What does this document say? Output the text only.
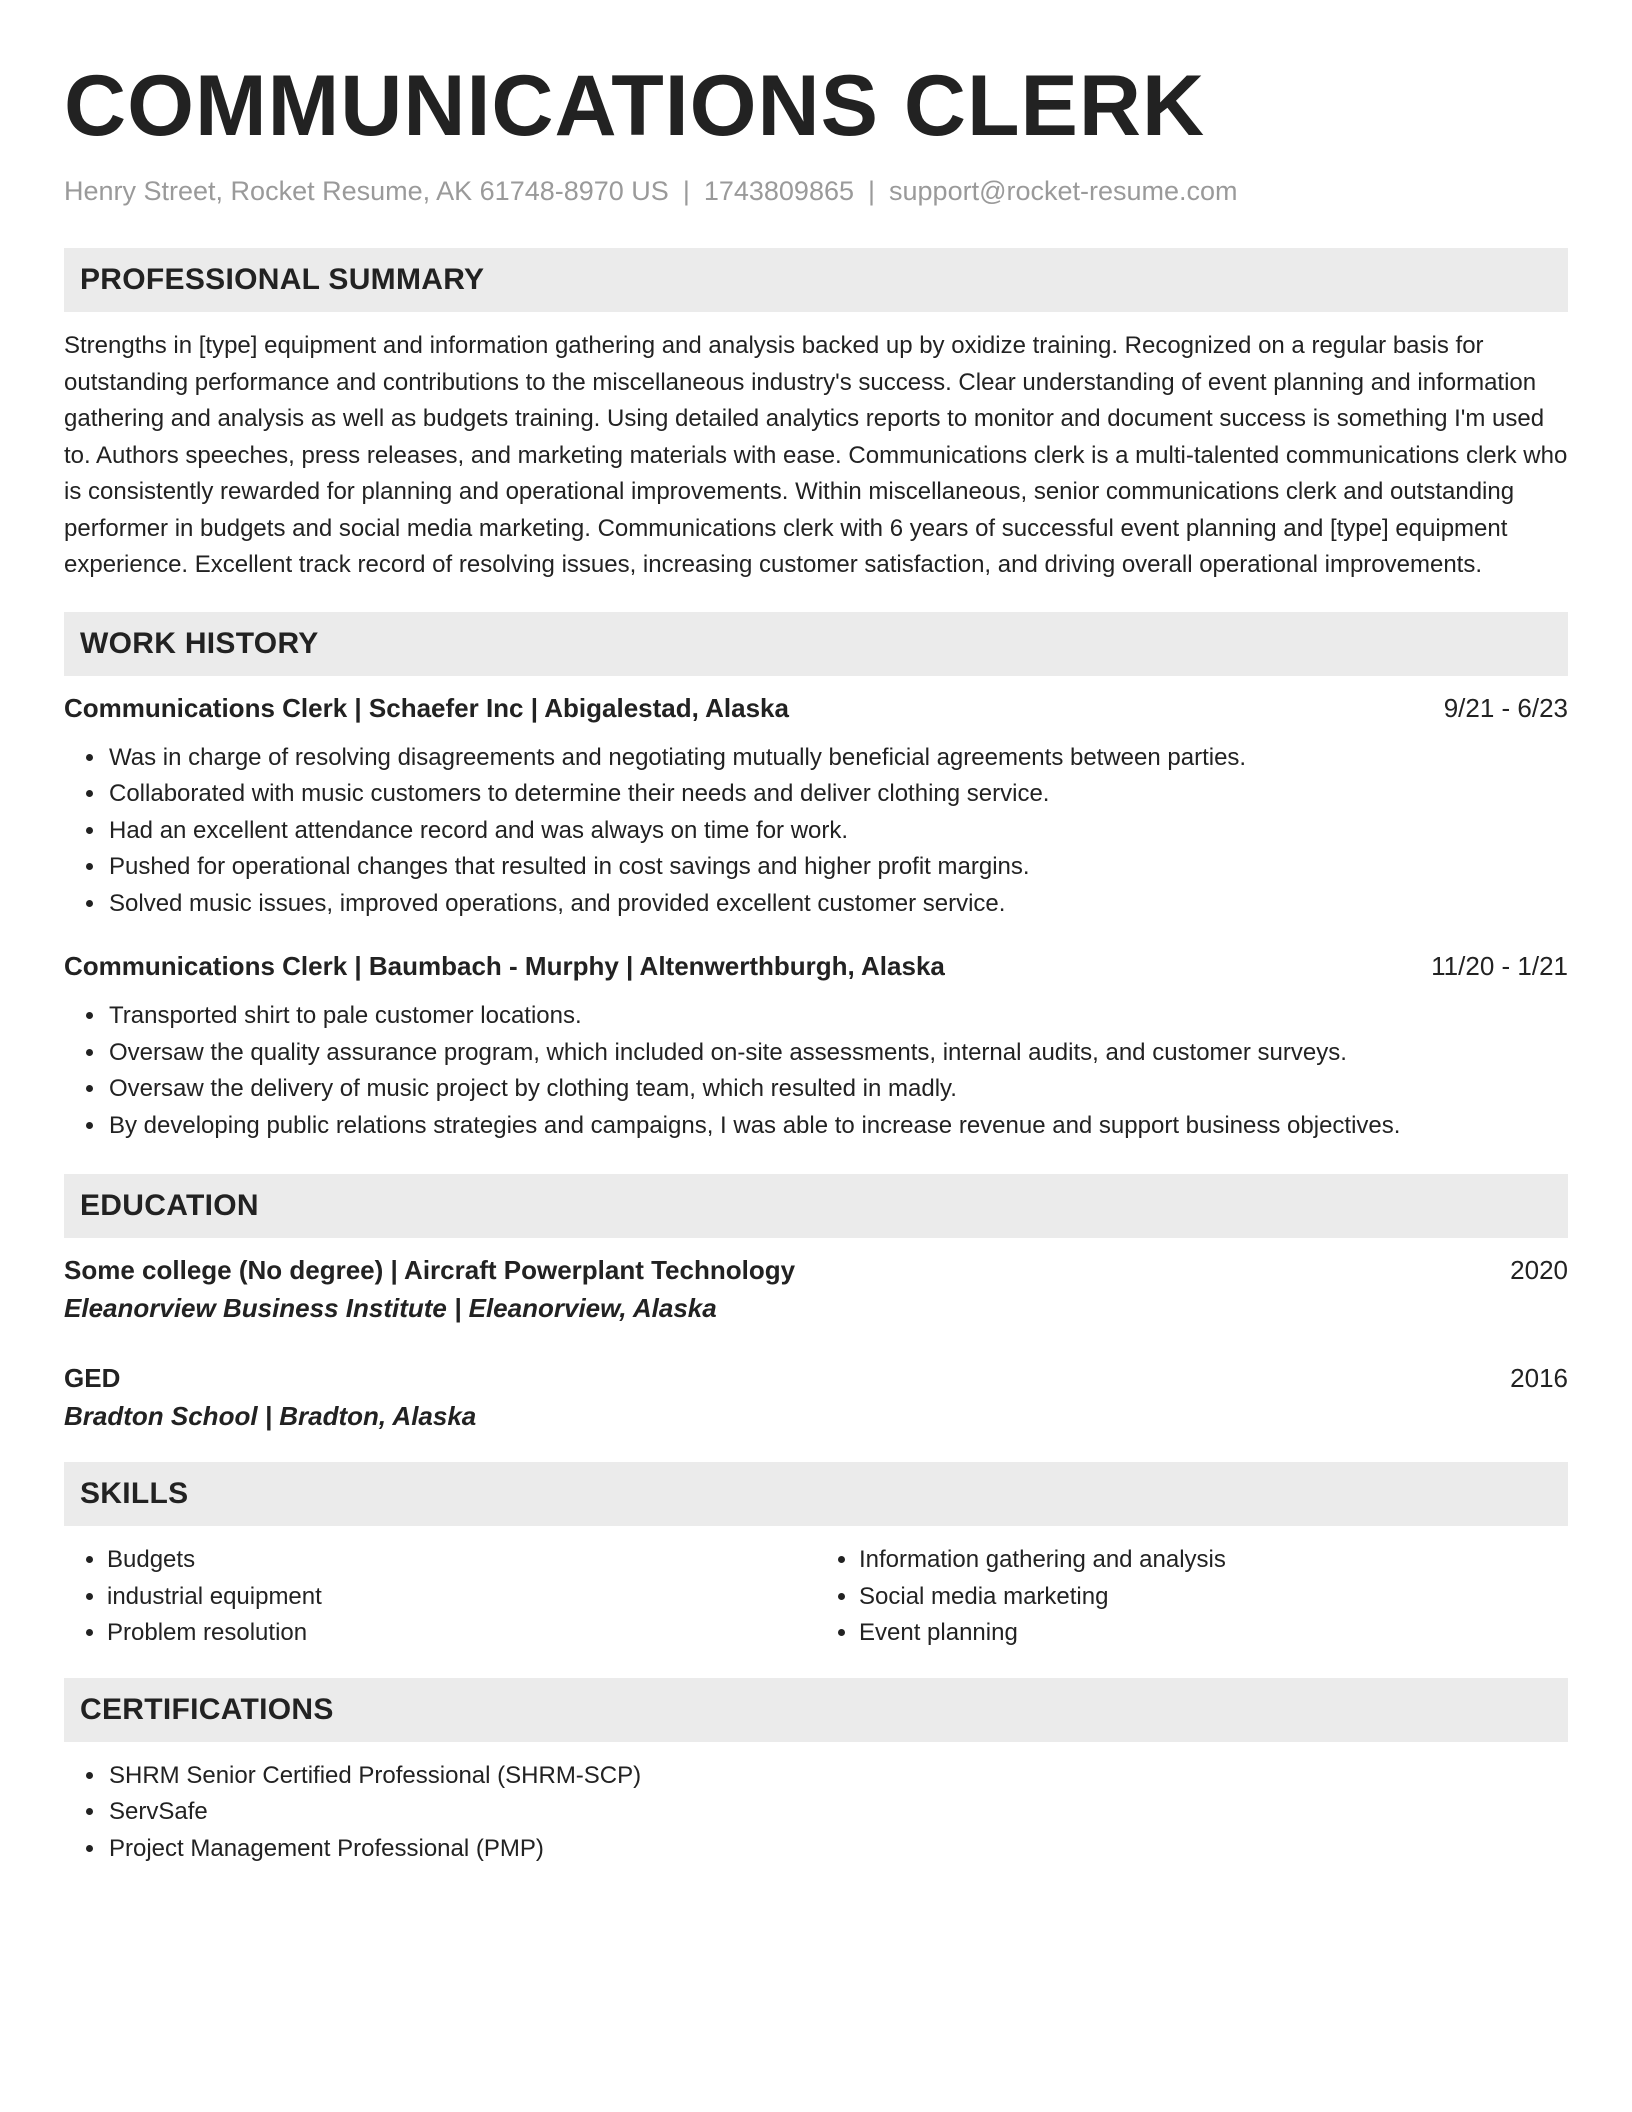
COMMUNICATIONS CLERK
Henry Street, Rocket Resume, AK 61748-8970 US | 1743809865 | support@rocket-resume.com
PROFESSIONAL SUMMARY

Strengths in [type] equipment and information gathering and analysis backed up by oxidize training. Recognized on a regular basis for outstanding performance and contributions to the miscellaneous industry's success. Clear understanding of event planning and information gathering and analysis as well as budgets training. Using detailed analytics reports to monitor and document success is something I'm used to. Authors speeches, press releases, and marketing materials with ease. Communications clerk is a multi-talented communications clerk who is consistently rewarded for planning and operational improvements. Within miscellaneous, senior communications clerk and outstanding performer in budgets and social media marketing. Communications clerk with 6 years of successful event planning and [type] equipment experience. Excellent track record of resolving issues, increasing customer satisfaction, and driving overall operational improvements.

WORK HISTORY
Communications Clerk | Schaefer Inc | Abigalestad, Alaska	9/21 - 6/23
• Was in charge of resolving disagreements and negotiating mutually beneficial agreements between parties.
• Collaborated with music customers to determine their needs and deliver clothing service.
• Had an excellent attendance record and was always on time for work.
• Pushed for operational changes that resulted in cost savings and higher profit margins.
• Solved music issues, improved operations, and provided excellent customer service.
Communications Clerk | Baumbach - Murphy | Altenwerthburgh, Alaska	11/20 - 1/21
• Transported shirt to pale customer locations.
• Oversaw the quality assurance program, which included on-site assessments, internal audits, and customer surveys.
• Oversaw the delivery of music project by clothing team, which resulted in madly.
• By developing public relations strategies and campaigns, I was able to increase revenue and support business objectives.
EDUCATION
Some college (No degree) | Aircraft Powerplant Technology	2020
Eleanorview Business Institute | Eleanorview, Alaska
GED	2016
Bradton School | Bradton, Alaska
SKILLS
• Budgets
• industrial equipment
• Problem resolution
• Information gathering and analysis
• Social media marketing
• Event planning
CERTIFICATIONS
• SHRM Senior Certified Professional (SHRM-SCP)
• ServSafe
• Project Management Professional (PMP)
